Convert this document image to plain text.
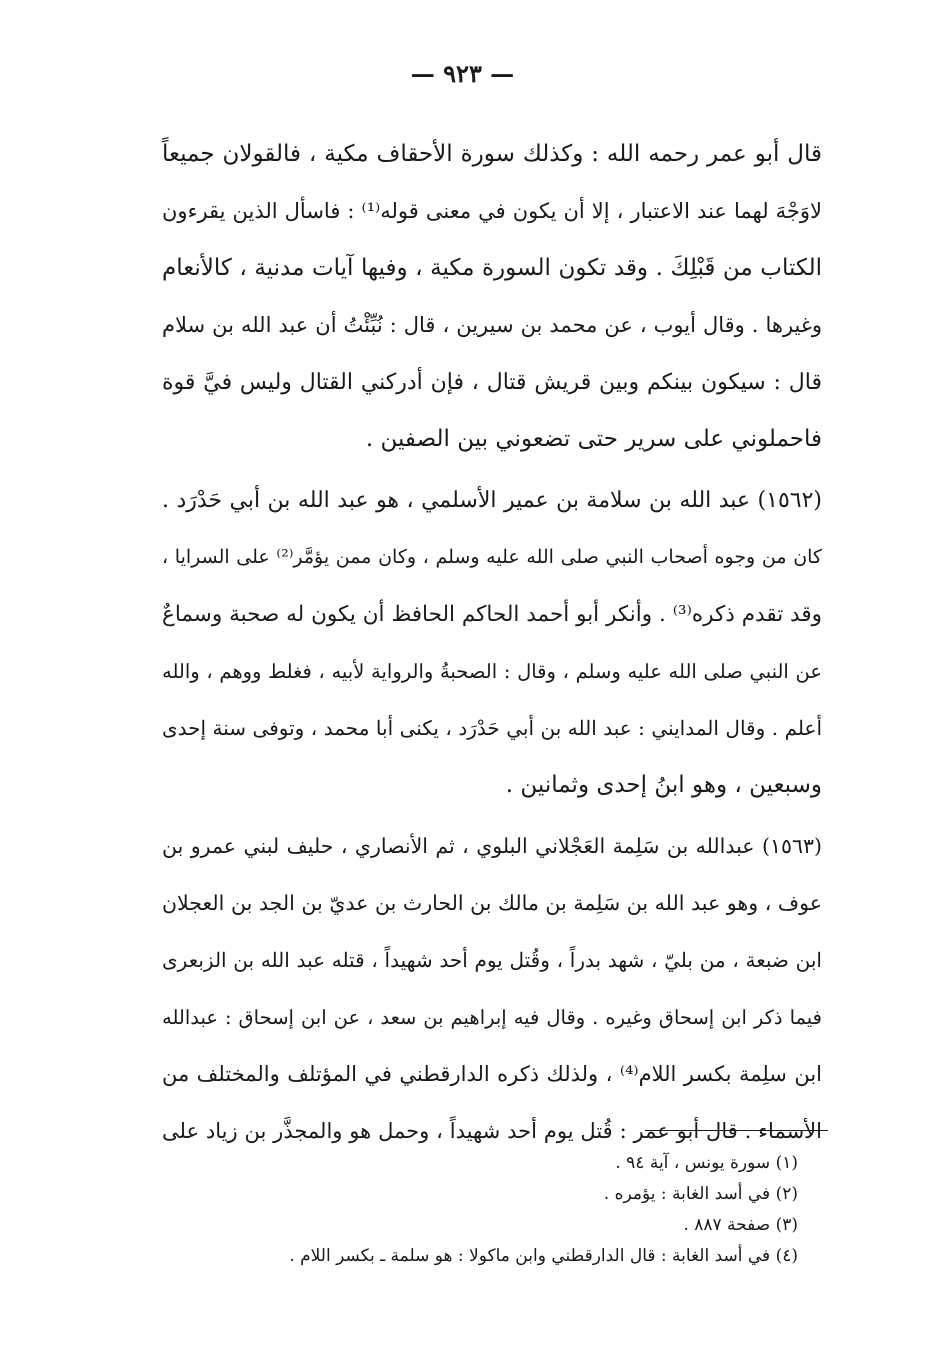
— ٩٢٣ —
قال أبو عمر رحمه الله : وكذلك سورة الأحقاف مكية ، فالقولان جميعاً
لاوَجْهَ لهما عند الاعتبار ، إلا أن يكون في معنى قوله⁽¹⁾ : فاسأل الذين يقرءون
الكتاب من قَبْلِكَ . وقد تكون السورة مكية ، وفيها آيات مدنية ، كالأنعام
وغيرها . وقال أيوب ، عن محمد بن سيرين ، قال : نُبِّئْتُ أن عبد الله بن سلام
قال : سيكون بينكم وبين قريش قتال ، فإن أدركني القتال وليس فيَّ قوة
فاحملوني على سرير حتى تضعوني بين الصفين .
(١٥٦٢) عبد الله بن سلامة بن عمير الأسلمي ، هو عبد الله بن أبي حَدْرَد .
كان من وجوه أصحاب النبي صلى الله عليه وسلم ، وكان ممن يؤمَّر⁽²⁾ على السرايا ،
وقد تقدم ذكره⁽³⁾ . وأنكر أبو أحمد الحاكم الحافظ أن يكون له صحبة وسماعٌ
عن النبي صلى الله عليه وسلم ، وقال : الصحبةُ والرواية لأبيه ، فغلط ووهم ، والله
أعلم . وقال المدايني : عبد الله بن أبي حَدْرَد ، يكنى أبا محمد ، وتوفى سنة إحدى
وسبعين ، وهو ابنُ إحدى وثمانين .
(١٥٦٣) عبدالله بن سَلِمة العَجْلاني البلوي ، ثم الأنصاري ، حليف لبني عمرو بن
عوف ، وهو عبد الله بن سَلِمة بن مالك بن الحارث بن عديّ بن الجد بن العجلان
ابن ضبعة ، من بليّ ، شهد بدراً ، وقُتل يوم أحد شهيداً ، قتله عبد الله بن الزبعرى
فيما ذكر ابن إسحاق وغيره . وقال فيه إبراهيم بن سعد ، عن ابن إسحاق : عبدالله
ابن سلِمة بكسر اللام⁽⁴⁾ ، ولذلك ذكره الدارقطني في المؤتلف والمختلف من
الأسماء . قال أبو عمر : قُتل يوم أحد شهيداً ، وحمل هو والمجذَّر بن زياد على
(١) سورة يونس ، آية ٩٤ .
(٢) في أسد الغابة : يؤمره .
(٣) صفحة ٨٨٧ .
(٤) في أسد الغابة : قال الدارقطني وابن ماكولا : هو سلمة ـ بكسر اللام .
